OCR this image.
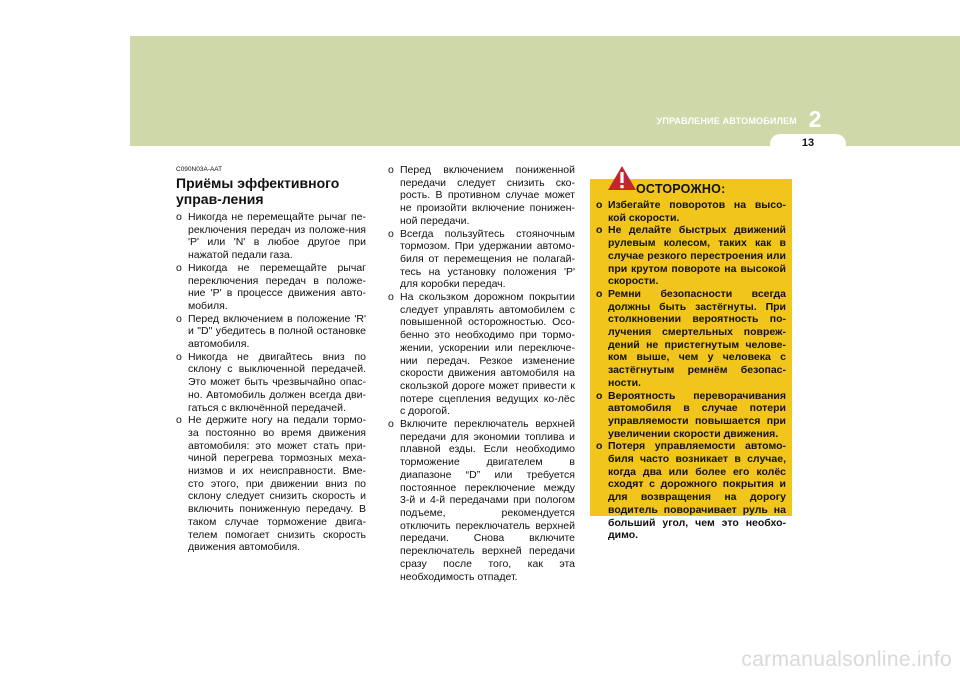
УПРАВЛЕНИЕ АВТОМОБИЛЕМ 2
13
C090N03A-AAT
Приёмы эффективного управ-ления
o Никогда не перемещайте рычаг пе-реключения передач из положе-ния 'P' или 'N' в любое другое при нажатой педали газа.
o Никогда не перемещайте рычаг переключения передач в положе-ние 'P' в процессе движения авто-мобиля.
o Перед включением в положение 'R' и "D" убедитесь в полной остановке автомобиля.
o Никогда не двигайтесь вниз по склону с выключенной передачей. Это может быть чрезвычайно опас-но. Автомобиль должен всегда дви-гаться с включённой передачей.
o Не держите ногу на педали тормо-за постоянно во время движения автомобиля: это может стать при-чиной перегрева тормозных меха-низмов и их неисправности. Вме-сто этого, при движении вниз по склону следует снизить скорость и включить пониженную передачу. В таком случае торможение двига-телем помогает снизить скорость движения автомобиля.
o Перед включением пониженной передачи следует снизить ско-рость. В противном случае может не произойти включение понижен-ной передачи.
o Всегда пользуйтесь стояночным тормозом. При удержании автомо-биля от перемещения не полагай-тесь на установку положения 'P' для коробки передач.
o На скользком дорожном покрытии следует управлять автомобилем с повышенной осторожностью. Осо-бенно это необходимо при тормо-жении, ускорении или переключе-нии передач. Резкое изменение скорости движения автомобиля на скользкой дороге может привести к потере сцепления ведущих ко-лёс с дорогой.
o Включите переключатель верхней передачи для экономии топлива и плавной езды. Если необходимо торможение двигателем в диапазоне “D” или требуется постоянное переключение между 3-й и 4-й передачами при пологом подъеме, рекомендуется отключить переключатель верхней передачи. Снова включите переключатель верхней передачи сразу после того, как эта необходимость отпадет.
ОСТОРОЖНО:
o Избегайте поворотов на высо-кой скорости.
o Не делайте быстрых движений рулевым колесом, таких как в случае резкого перестроения или при крутом повороте на высокой скорости.
o Ремни безопасности всегда должны быть застёгнуты. При столкновении вероятность по-лучения смертельных повреж-дений не пристегнутым челове-ком выше, чем у человека с застёгнутым ремнём безопас-ности.
o Вероятность переворачивания автомобиля в случае потери управляемости повышается при увеличении скорости движения.
o Потеря управляемости автомо-биля часто возникает в случае, когда два или более его колёс сходят с дорожного покрытия и для возвращения на дорогу водитель поворачивает руль на больший угол, чем это необхо-димо.
carmanualsonline.info
